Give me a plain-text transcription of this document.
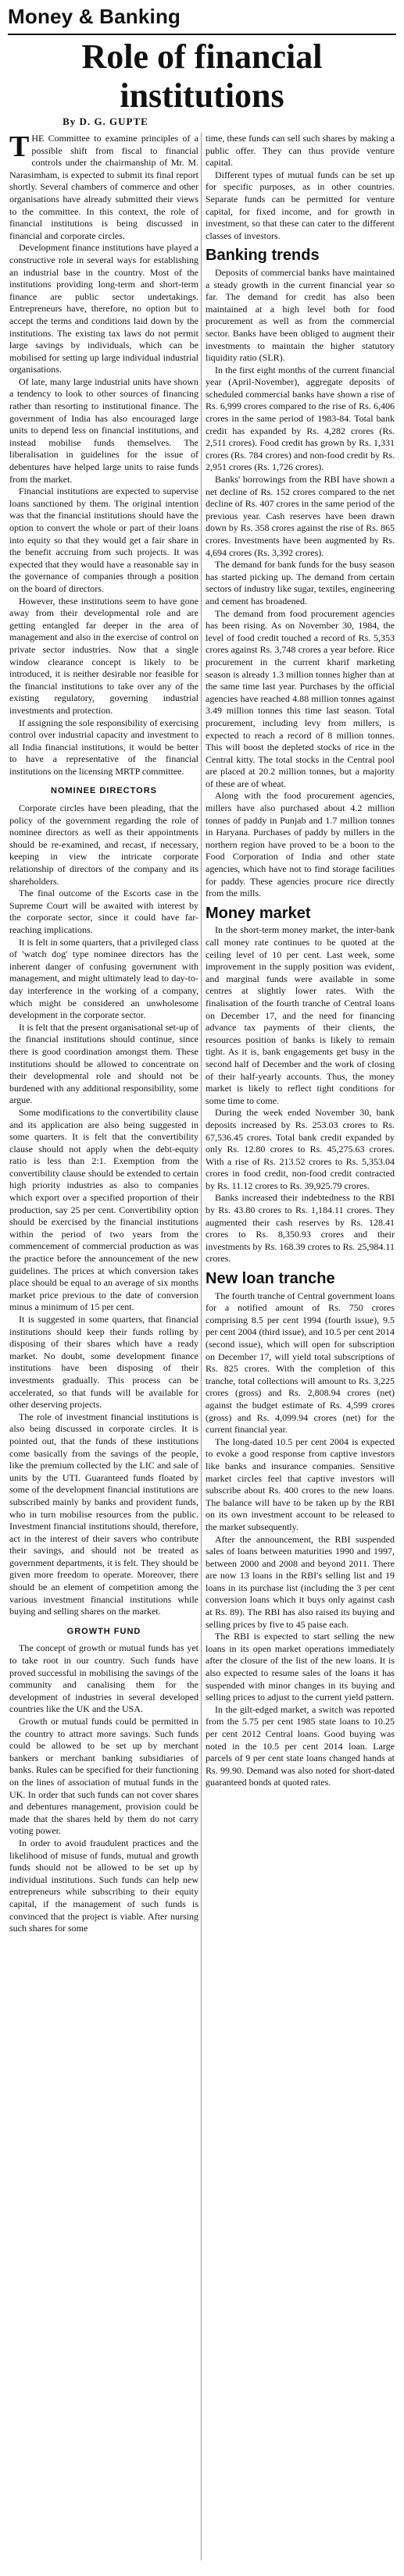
Money & Banking
Role of financial institutions
By D. G. GUPTE

THE Committee to examine principles of a possible shift from fiscal to financial controls under the chairmanship of Mr. M. Narasimham, is expected to submit its final report shortly. Several chambers of commerce and other organisations have already submitted their views to the committee. In this context, the role of financial institutions is being discussed in financial and corporate circles.

Development finance institutions have played a constructive role in several ways for establishing an industrial base in the country. Most of the institutions providing long-term and short-term finance are public sector undertakings. Entrepreneurs have, therefore, no option but to accept the terms and conditions laid down by the institutions. The existing tax laws do not permit large savings by individuals, which can be mobilised for setting up large individual industrial organisations.

Of late, many large industrial units have shown a tendency to look to other sources of financing rather than resorting to institutional finance. The government of India has also encouraged large units to depend less on financial institutions, and instead mobilise funds themselves. The liberalisation in guidelines for the issue of debentures have helped large units to raise funds from the market.

Financial institutions are expected to supervise loans sanctioned by them. The original intention was that the financial institutions should have the option to convert the whole or part of their loans into equity so that they would get a fair share in the benefit accruing from such projects. It was expected that they would have a reasonable say in the governance of companies through a position on the board of directors.

However, these institutions seem to have gone away from their developmental role and are getting entangled far deeper in the area of management and also in the exercise of control on private sector industries. Now that a single window clearance concept is likely to be introduced, it is neither desirable nor feasible for the financial institutions to take over any of the existing regulatory, governing industrial investments and protection.

If assigning the sole responsibility of exercising control over industrial capacity and investment to all India financial institutions, it would be better to have a representative of the financial institutions on the licensing MRTP committee.

NOMINEE DIRECTORS

Corporate circles have been pleading, that the policy of the government regarding the role of nominee directors as well as their appointments should be re-examined, and recast, if necessary, keeping in view the intricate corporate relationship of directors of the company and its shareholders.

The final outcome of the Escorts case in the Supreme Court will be awaited with interest by the corporate sector, since it could have far-reaching implications.

It is felt in some quarters, that a privileged class of 'watch dog' type nominee directors has the inherent danger of confusing government with management, and might ultimately lead to day-to-day interference in the working of a company, which might be considered an unwholesome development in the corporate sector.

It is felt that the present organisational set-up of the financial institutions should continue, since there is good coordination amongst them. These institutions should be allowed to concentrate on their developmental role and should not be burdened with any additional responsibility, some argue.

Some modifications to the convertibility clause and its application are also being suggested in some quarters. It is felt that the convertibility clause should not apply when the debt-equity ratio is less than 2:1. Exemption from the convertibility clause should be extended to certain high priority industries as also to companies which export over a specified proportion of their production, say 25 per cent. Convertibility option should be exercised by the financial institutions within the period of two years from the commencement of commercial production as was the practice before the announcement of the new guidelines. The prices at which conversion takes place should be equal to an average of six months market price previous to the date of conversion minus a minimum of 15 per cent.

It is suggested in some quarters, that financial institutions should keep their funds rolling by disposing of their shares which have a ready market. No doubt, some development finance institutions have been disposing of their investments gradually. This process can be accelerated, so that funds will be available for other deserving projects.

The role of investment financial institutions is also being discussed in corporate circles. It is pointed out, that the funds of these institutions come basically from the savings of the people, like the premium collected by the LIC and sale of units by the UTI. Guaranteed funds floated by some of the development financial institutions are subscribed mainly by banks and provident funds, who in turn mobilise resources from the public. Investment financial institutions should, therefore, act in the interest of their savers who contribute their savings, and should not be treated as government departments, it is felt. They should be given more freedom to operate. Moreover, there should be an element of competition among the various investment financial institutions while buying and selling shares on the market.

GROWTH FUND

The concept of growth or mutual funds has yet to take root in our country. Such funds have proved successful in mobilising the savings of the community and canalising them for the development of industries in several developed countries like the UK and the USA.

Growth or mutual funds could be permitted in the country to attract more savings. Such funds could be allowed to be set up by merchant bankers or merchant banking subsidiaries of banks. Rules can be specified for their functioning on the lines of association of mutual funds in the UK. In order that such funds can not cover shares and debentures management, provision could be made that the shares held by them do not carry voting power.

In order to avoid fraudulent practices and the likelihood of misuse of funds, mutual and growth funds should not be allowed to be set up by individual institutions. Such funds can help new entrepreneurs while subscribing to their equity capital, if the management of such funds is convinced that the project is viable. After nursing such shares for some

time, these funds can sell such shares by making a public offer. They can thus provide venture capital.

Different types of mutual funds can be set up for specific purposes, as in other countries. Separate funds can be permitted for venture capital, for fixed income, and for growth in investment, so that these can cater to the different classes of investors.

Banking trends

Deposits of commercial banks have maintained a steady growth in the current financial year so far. The demand for credit has also been maintained at a high level both for food procurement as well as from the commercial sector. Banks have been obliged to augment their investments to maintain the higher statutory liquidity ratio (SLR).

In the first eight months of the current financial year (April-November), aggregate deposits of scheduled commercial banks have shown a rise of Rs. 6,999 crores compared to the rise of Rs. 6,406 crores in the same period of 1983-84. Total bank credit has expanded by Rs. 4,282 crores (Rs. 2,511 crores). Food credit has grown by Rs. 1,331 crores (Rs. 784 crores) and non-food credit by Rs. 2,951 crores (Rs. 1,726 crores).

Banks' borrowings from the RBI have shown a net decline of Rs. 152 crores compared to the net decline of Rs. 407 crores in the same period of the previous year. Cash reserves have been drawn down by Rs. 358 crores against the rise of Rs. 865 crores. Investments have been augmented by Rs. 4,694 crores (Rs. 3,392 crores).

The demand for bank funds for the busy season has started picking up. The demand from certain sectors of industry like sugar, textiles, engineering and cement has broadened.

The demand from food procurement agencies has been rising. As on November 30, 1984, the level of food credit touched a record of Rs. 5,353 crores against Rs. 3,748 crores a year before. Rice procurement in the current kharif marketing season is already 1.3 million tonnes higher than at the same time last year. Purchases by the official agencies have reached 4.88 million tonnes against 3.49 million tonnes this time last season. Total procurement, including levy from millers, is expected to reach a record of 8 million tonnes. This will boost the depleted stocks of rice in the Central kitty. The total stocks in the Central pool are placed at 20.2 million tonnes, but a majority of these are of wheat.

Along with the food procurement agencies, millers have also purchased about 4.2 million tonnes of paddy in Punjab and 1.7 million tonnes in Haryana. Purchases of paddy by millers in the northern region have proved to be a boon to the Food Corporation of India and other state agencies, which have not to find storage facilities for paddy. These agencies procure rice directly from the mills.

Money market

In the short-term money market, the inter-bank call money rate continues to be quoted at the ceiling level of 10 per cent. Last week, some improvement in the supply position was evident, and marginal funds were available in some centres at slightly lower rates. With the finalisation of the fourth tranche of Central loans on December 17, and the need for financing advance tax payments of their clients, the resources position of banks is likely to remain tight. As it is, bank engagements get busy in the second half of December and the work of closing of their half-yearly accounts. Thus, the money market is likely to reflect tight conditions for some time to come.

During the week ended November 30, bank deposits increased by Rs. 253.03 crores to Rs. 67,536.45 crores. Total bank credit expanded by only Rs. 12.80 crores to Rs. 45,275.63 crores. With a rise of Rs. 213.52 crores to Rs. 5,353.04 crores in food credit, non-food credit contracted by Rs. 11.12 crores to Rs. 39,925.79 crores.

Banks increased their indebtedness to the RBI by Rs. 43.80 crores to Rs. 1,184.11 crores. They augmented their cash reserves by Rs. 128.41 crores to Rs. 8,350.93 crores and their investments by Rs. 168.39 crores to Rs. 25,984.11 crores.

New loan tranche

The fourth tranche of Central government loans for a notified amount of Rs. 750 crores comprising 8.5 per cent 1994 (fourth issue), 9.5 per cent 2004 (third issue), and 10.5 per cent 2014 (second issue), which will open for subscription on December 17, will yield total subscriptions of Rs. 825 crores. With the completion of this tranche, total collections will amount to Rs. 3,225 crores (gross) and Rs. 2,808.94 crores (net) against the budget estimate of Rs. 4,599 crores (gross) and Rs. 4,099.94 crores (net) for the current financial year.

The long-dated 10.5 per cent 2004 is expected to evoke a good response from captive investors like banks and insurance companies. Sensitive market circles feel that captive investors will subscribe about Rs. 400 crores to the new loans. The balance will have to be taken up by the RBI on its own investment account to be released to the market subsequently.

After the announcement, the RBI suspended sales of loans between maturities 1990 and 1997, between 2000 and 2008 and beyond 2011. There are now 13 loans in the RBI's selling list and 19 loans in its purchase list (including the 3 per cent conversion loans which it buys only against cash at Rs. 89). The RBI has also raised its buying and selling prices by five to 45 paise each.

The RBI is expected to start selling the new loans in its open market operations immediately after the closure of the list of the new loans. It is also expected to resume sales of the loans it has suspended with minor changes in its buying and selling prices to adjust to the current yield pattern.

In the gilt-edged market, a switch was reported from the 5.75 per cent 1985 state loans to 10.25 per cent 2012 Central loans. Good buying was noted in the 10.5 per cent 2014 loan. Large parcels of 9 per cent state loans changed hands at Rs. 99.90. Demand was also noted for short-dated guaranteed bonds at quoted rates.
